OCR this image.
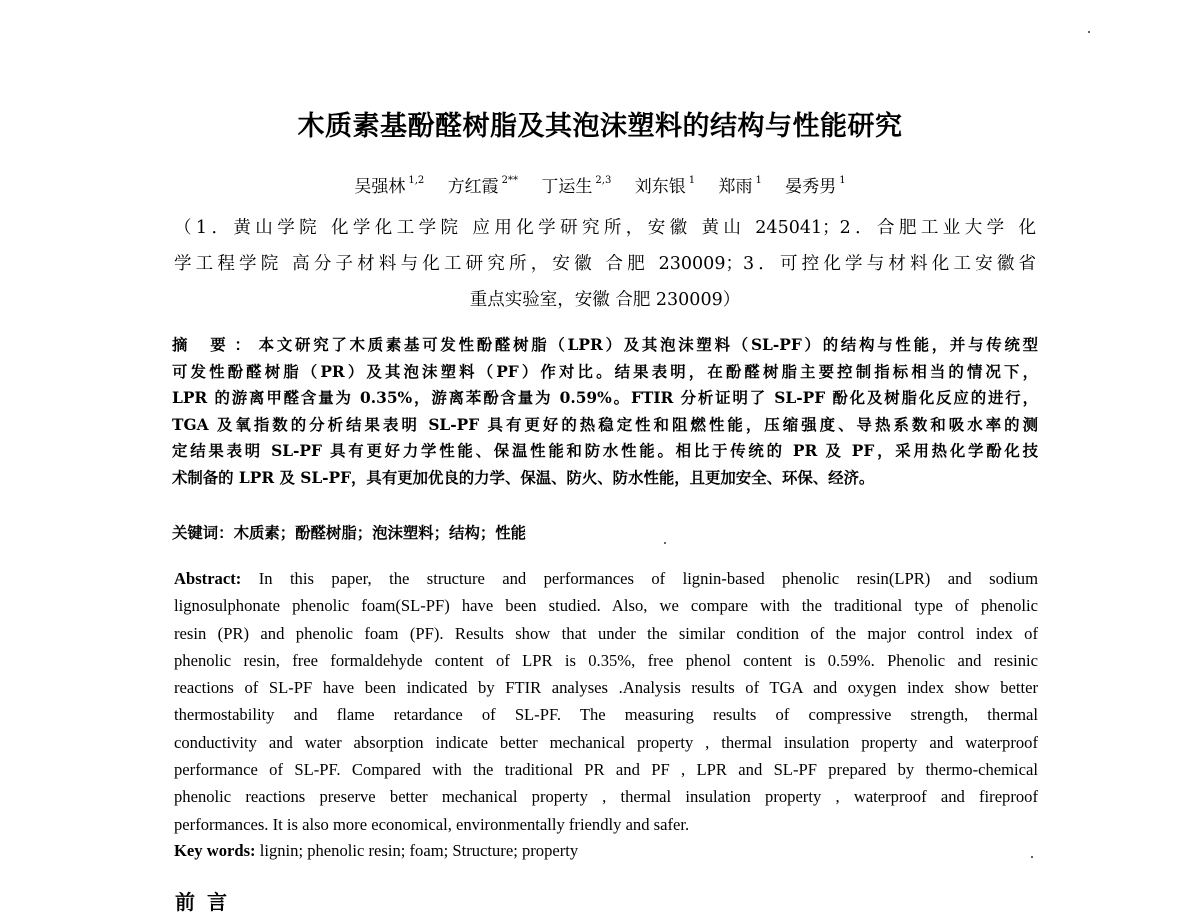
木质素基酚醛树脂及其泡沫塑料的结构与性能研究
吴强林 $^{1,2}$ 方红霞 $^{2**}$ 丁运生 $^{2,3}$ 刘东银 $^1$ 郑雨 $^1$ 晏秀男 $^1$
（1．黄山学院 化学化工学院 应用化学研究所，安徽 黄山 245041；2．合肥工业大学 化
学工程学院 高分子材料与化工研究所，安徽 合肥 230009；3．可控化学与材料化工安徽省
重点实验室，安徽 合肥 230009）
摘 要：本文研究了木质素基可发性酚醛树脂（LPR）及其泡沫塑料（SL-PF）的结构与性能，并与传统型
可发性酚醛树脂（PR）及其泡沫塑料（PF）作对比。结果表明，在酚醛树脂主要控制指标相当的情况下，
LPR 的游离甲醛含量为 0.35%，游离苯酚含量为 0.59%。FTIR 分析证明了 SL-PF 酚化及树脂化反应的进行，
TGA 及氧指数的分析结果表明 SL-PF 具有更好的热稳定性和阻燃性能，压缩强度、导热系数和吸水率的测
定结果表明 SL-PF 具有更好力学性能、保温性能和防水性能。相比于传统的 PR 及 PF，采用热化学酚化技
术制备的 LPR 及 SL-PF，具有更加优良的力学、保温、防火、防水性能，且更加安全、环保、经济。
关键词：木质素；酚醛树脂；泡沫塑料；结构；性能
Abstract: In this paper, the structure and performances of lignin-based phenolic resin(LPR) and sodium
lignosulphonate phenolic foam(SL-PF) have been studied. Also, we compare with the traditional type of phenolic
resin (PR) and phenolic foam (PF). Results show that under the similar condition of the major control index of
phenolic resin, free formaldehyde content of LPR is 0.35%, free phenol content is 0.59%. Phenolic and resinic
reactions of SL-PF have been indicated by FTIR analyses .Analysis results of TGA and oxygen index show better
thermostability and flame retardance of SL-PF. The measuring results of compressive strength, thermal
conductivity and water absorption indicate better mechanical property , thermal insulation property and waterproof
performance of SL-PF. Compared with the traditional PR and PF , LPR and SL-PF prepared by thermo-chemical
phenolic reactions preserve better mechanical property , thermal insulation property , waterproof and fireproof
performances. It is also more economical, environmentally friendly and safer.
Key words: lignin; phenolic resin; foam; Structure; property
前言
